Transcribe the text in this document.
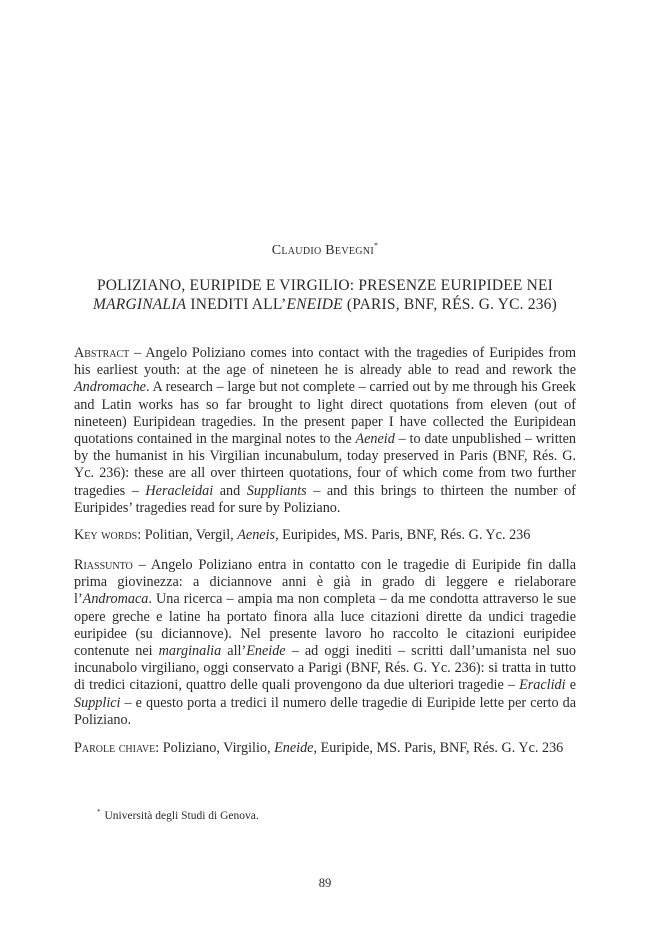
Claudio Bevegni*
POLIZIANO, EURIPIDE E VIRGILIO: PRESENZE EURIPIDEE NEI
MARGINALIA INEDITI ALL’ENEIDE (PARIS, BNF, RÉS. G. YC. 236)
Abstract – Angelo Poliziano comes into contact with the tragedies of Euripides from his earliest youth: at the age of nineteen he is already able to read and rework the Andromache. A research – large but not complete – carried out by me through his Greek and Latin works has so far brought to light direct quotations from eleven (out of nineteen) Euripidean tragedies. In the present paper I have collected the Euripidean quotations contained in the marginal notes to the Aeneid – to date unpublished – written by the humanist in his Virgilian incunabulum, today preserved in Paris (BNF, Rés. G. Yc. 236): these are all over thirteen quotations, four of which come from two further tragedies – Heracleidai and Suppliants – and this brings to thirteen the number of Euripides’ tragedies read for sure by Poliziano.
Key words: Politian, Vergil, Aeneis, Euripides, MS. Paris, BNF, Rés. G. Yc. 236
Riassunto – Angelo Poliziano entra in contatto con le tragedie di Euripide fin dalla prima giovinezza: a diciannove anni è già in grado di leggere e rielaborare l’Andromaca. Una ricerca – ampia ma non completa – da me condotta attraverso le sue opere greche e latine ha portato finora alla luce citazioni dirette da undici tragedie euripidee (su diciannove). Nel presente lavoro ho raccolto le citazioni euripidee contenute nei marginalia all’Eneide – ad oggi inediti – scritti dall’umanista nel suo incunabolo virgiliano, oggi conservato a Parigi (BNF, Rés. G. Yc. 236): si tratta in tutto di tredici citazioni, quattro delle quali provengono da due ulteriori tragedie – Eraclidi e Supplici – e questo porta a tredici il numero delle tragedie di Euripide lette per certo da Poliziano.
Parole chiave: Poliziano, Virgilio, Eneide, Euripide, MS. Paris, BNF, Rés. G. Yc. 236
* Università degli Studi di Genova.
89
